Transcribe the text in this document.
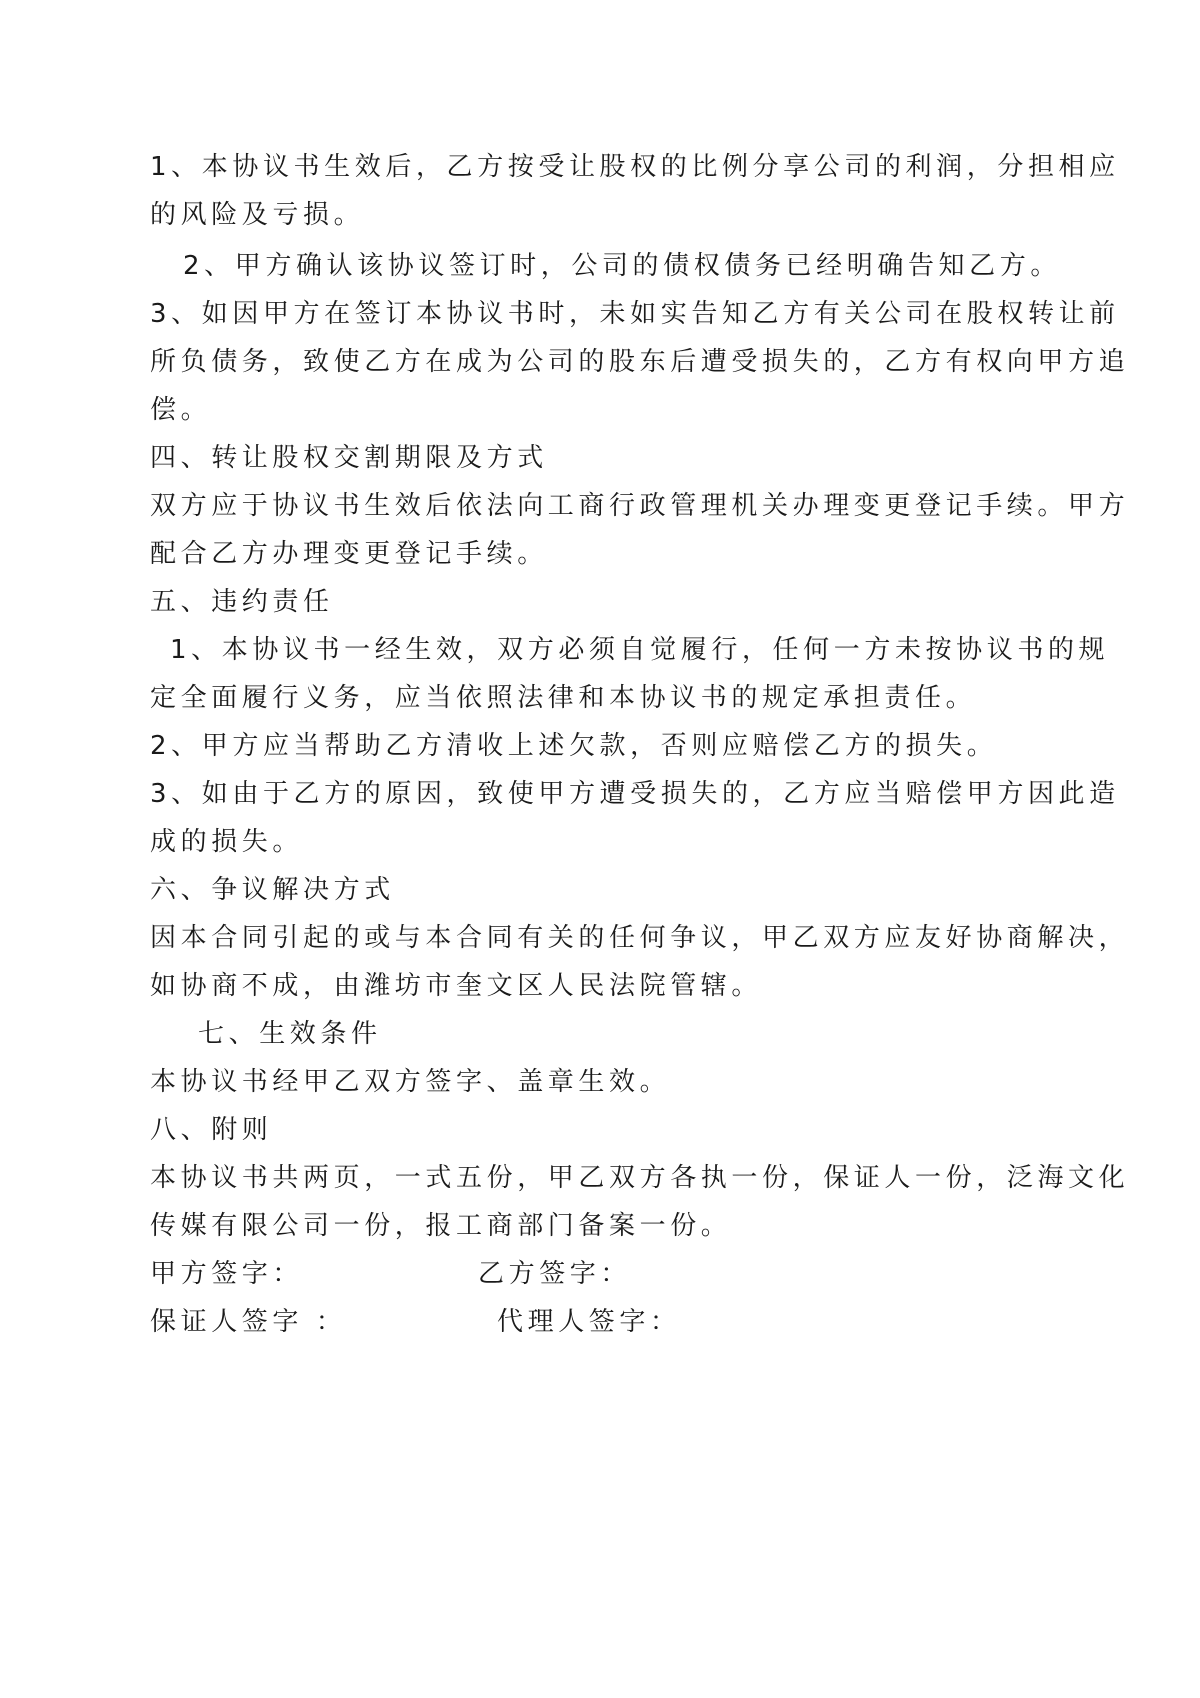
1、本协议书生效后，乙方按受让股权的比例分享公司的利润，分担相应
的风险及亏损。
2、甲方确认该协议签订时，公司的债权债务已经明确告知乙方。
3、如因甲方在签订本协议书时，未如实告知乙方有关公司在股权转让前
所负债务，致使乙方在成为公司的股东后遭受损失的，乙方有权向甲方追
偿。
四、转让股权交割期限及方式
双方应于协议书生效后依法向工商行政管理机关办理变更登记手续。甲方
配合乙方办理变更登记手续。
五、违约责任
1、本协议书一经生效，双方必须自觉履行，任何一方未按协议书的规
定全面履行义务，应当依照法律和本协议书的规定承担责任。
2、甲方应当帮助乙方清收上述欠款，否则应赔偿乙方的损失。
3、如由于乙方的原因，致使甲方遭受损失的，乙方应当赔偿甲方因此造
成的损失。
六、争议解决方式
因本合同引起的或与本合同有关的任何争议，甲乙双方应友好协商解决，
如协商不成，由潍坊市奎文区人民法院管辖。
七、生效条件
本协议书经甲乙双方签字、盖章生效。
八、附则
本协议书共两页，一式五份，甲乙双方各执一份，保证人一份，泛海文化
传媒有限公司一份，报工商部门备案一份。
甲方签字：	乙方签字：
保证人签字 ：	代理人签字：
